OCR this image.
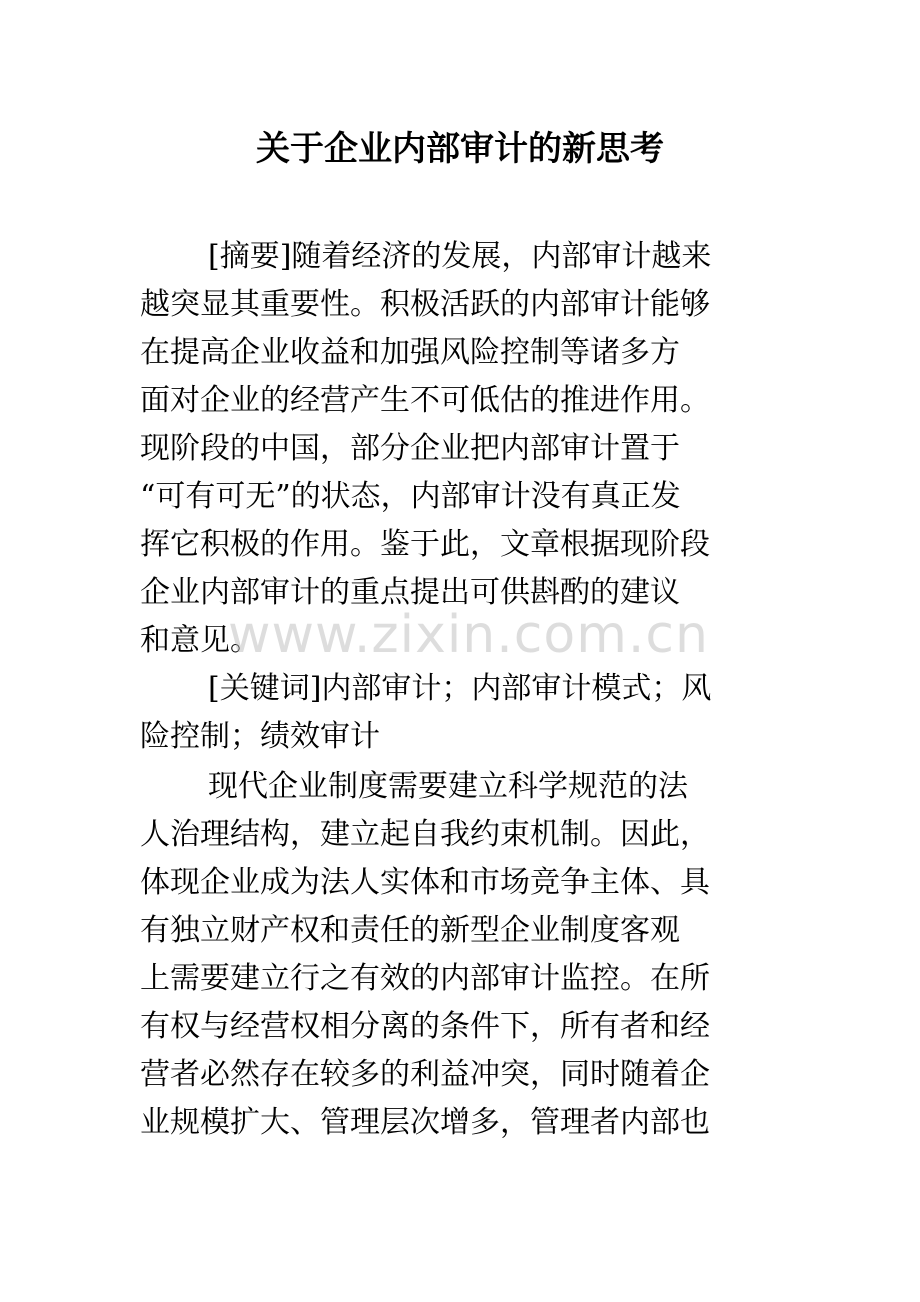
关于企业内部审计的新思考

[摘要]随着经济的发展，内部审计越来

越突显其重要性。积极活跃的内部审计能够

在提高企业收益和加强风险控制等诸多方

面对企业的经营产生不可低估的推进作用。

现阶段的中国，部分企业把内部审计置于

“可有可无”的状态，内部审计没有真正发

挥它积极的作用。鉴于此，文章根据现阶段

企业内部审计的重点提出可供斟酌的建议

和意见。

[关键词]内部审计；内部审计模式；风

险控制；绩效审计

现代企业制度需要建立科学规范的法

人治理结构，建立起自我约束机制。因此，

体现企业成为法人实体和市场竞争主体、具

有独立财产权和责任的新型企业制度客观

上需要建立行之有效的内部审计监控。在所

有权与经营权相分离的条件下，所有者和经

营者必然存在较多的利益冲突，同时随着企

业规模扩大、管理层次增多，管理者内部也

www.zixin.com.cn
